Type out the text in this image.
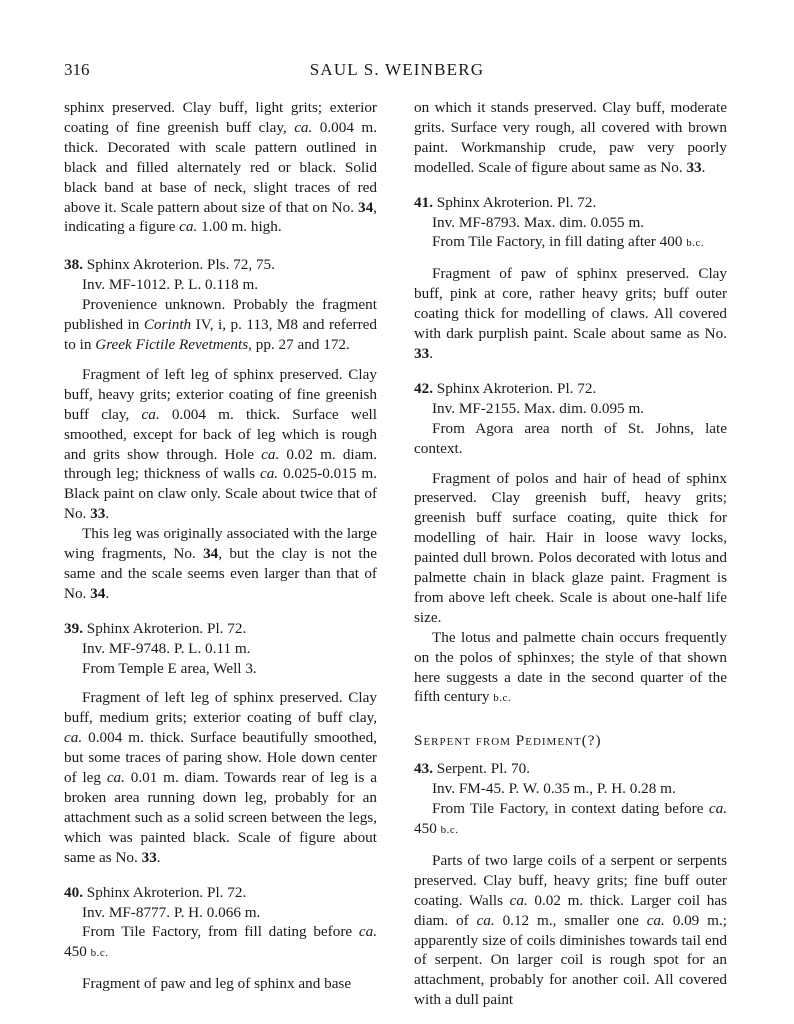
316	SAUL S. WEINBERG

sphinx preserved. Clay buff, light grits; exterior coating of fine greenish buff clay, ca. 0.004 m. thick. Decorated with scale pattern outlined in black and filled alternately red or black. Solid black band at base of neck, slight traces of red above it. Scale pattern about size of that on No. 34, indicating a figure ca. 1.00 m. high.

38. Sphinx Akroterion. Pls. 72, 75.

Inv. MF-1012. P. L. 0.118 m.

Provenience unknown. Probably the fragment published in Corinth IV, i, p. 113, M8 and referred to in Greek Fictile Revetments, pp. 27 and 172.

Fragment of left leg of sphinx preserved. Clay buff, heavy grits; exterior coating of fine greenish buff clay, ca. 0.004 m. thick. Surface well smoothed, except for back of leg which is rough and grits show through. Hole ca. 0.02 m. diam. through leg; thickness of walls ca. 0.025-0.015 m. Black paint on claw only. Scale about twice that of No. 33.

This leg was originally associated with the large wing fragments, No. 34, but the clay is not the same and the scale seems even larger than that of No. 34.

39. Sphinx Akroterion. Pl. 72.

Inv. MF-9748. P. L. 0.11 m.

From Temple E area, Well 3.

Fragment of left leg of sphinx preserved. Clay buff, medium grits; exterior coating of buff clay, ca. 0.004 m. thick. Surface beautifully smoothed, but some traces of paring show. Hole down center of leg ca. 0.01 m. diam. Towards rear of leg is a broken area running down leg, probably for an attachment such as a solid screen between the legs, which was painted black. Scale of figure about same as No. 33.

40. Sphinx Akroterion. Pl. 72.

Inv. MF-8777. P. H. 0.066 m.

From Tile Factory, from fill dating before ca. 450 b.c.

Fragment of paw and leg of sphinx and base

on which it stands preserved. Clay buff, moderate grits. Surface very rough, all covered with brown paint. Workmanship crude, paw very poorly modelled. Scale of figure about same as No. 33.

41. Sphinx Akroterion. Pl. 72.

Inv. MF-8793. Max. dim. 0.055 m.

From Tile Factory, in fill dating after 400 b.c.

Fragment of paw of sphinx preserved. Clay buff, pink at core, rather heavy grits; buff outer coating thick for modelling of claws. All covered with dark purplish paint. Scale about same as No. 33.

42. Sphinx Akroterion. Pl. 72.

Inv. MF-2155. Max. dim. 0.095 m.

From Agora area north of St. Johns, late context.

Fragment of polos and hair of head of sphinx preserved. Clay greenish buff, heavy grits; greenish buff surface coating, quite thick for modelling of hair. Hair in loose wavy locks, painted dull brown. Polos decorated with lotus and palmette chain in black glaze paint. Fragment is from above left cheek. Scale is about one-half life size.

The lotus and palmette chain occurs frequently on the polos of sphinxes; the style of that shown here suggests a date in the second quarter of the fifth century b.c.

Serpent from Pediment(?)

43. Serpent. Pl. 70.

Inv. FM-45. P. W. 0.35 m., P. H. 0.28 m.

From Tile Factory, in context dating before ca. 450 b.c.

Parts of two large coils of a serpent or serpents preserved. Clay buff, heavy grits; fine buff outer coating. Walls ca. 0.02 m. thick. Larger coil has diam. of ca. 0.12 m., smaller one ca. 0.09 m.; apparently size of coils diminishes towards tail end of serpent. On larger coil is rough spot for an attachment, probably for another coil. All covered with a dull paint
